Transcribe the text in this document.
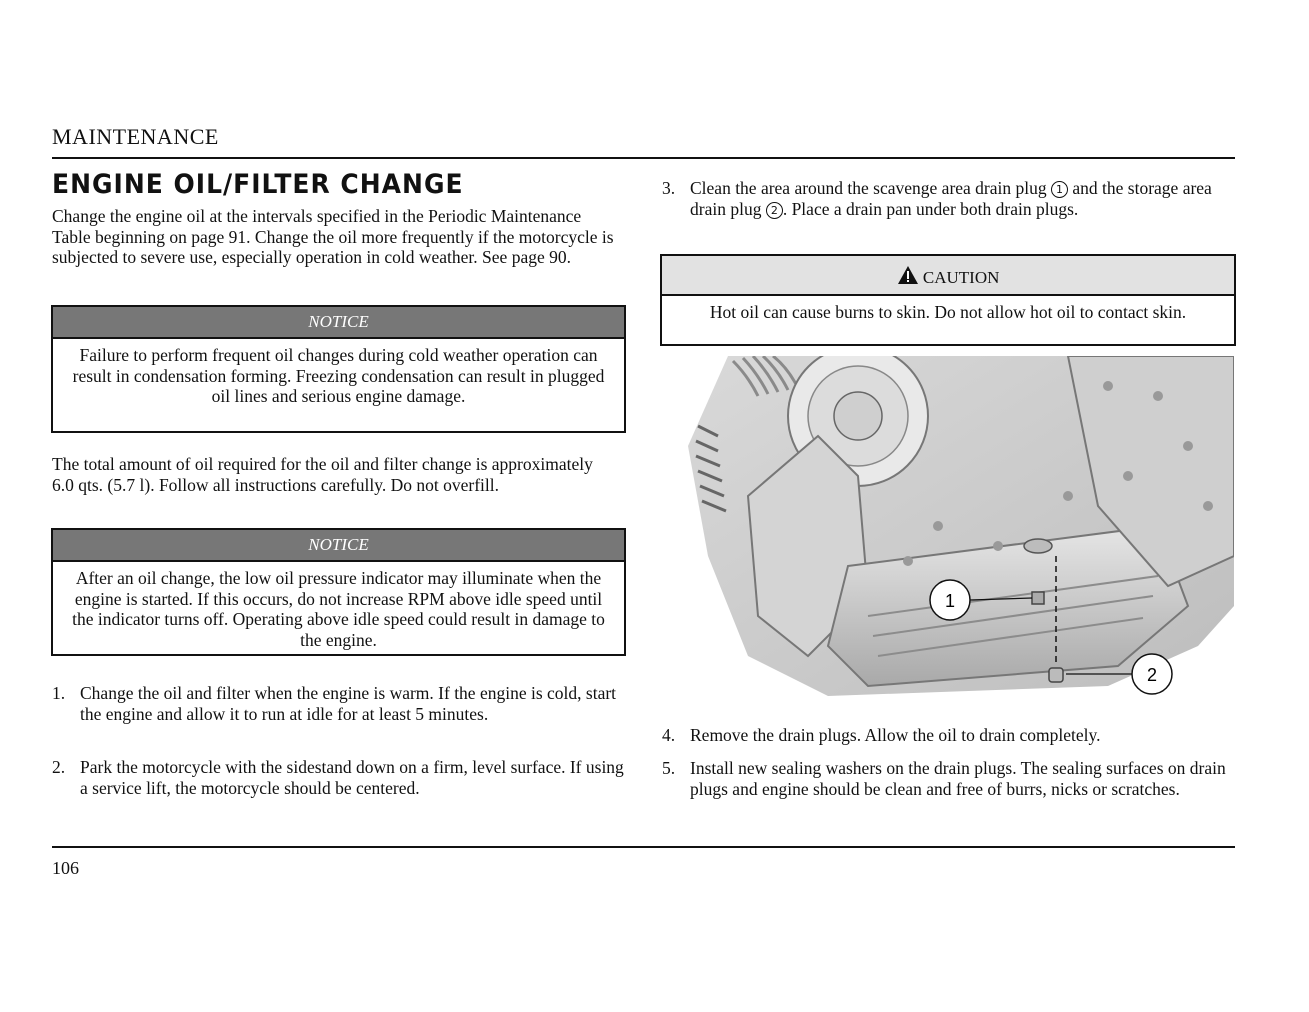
MAINTENANCE
ENGINE OIL/FILTER CHANGE
Change the engine oil at the intervals specified in the Periodic Maintenance Table beginning on page 91. Change the oil more frequently if the motorcycle is subjected to severe use, especially operation in cold weather. See page 90.
NOTICE
Failure to perform frequent oil changes during cold weather operation can result in condensation forming. Freezing condensation can result in plugged oil lines and serious engine damage.
The total amount of oil required for the oil and filter change is approximately 6.0 qts. (5.7 l). Follow all instructions carefully. Do not overfill.
NOTICE
After an oil change, the low oil pressure indicator may illuminate when the engine is started. If this occurs, do not increase RPM above idle speed until the indicator turns off. Operating above idle speed could result in damage to the engine.
1. Change the oil and filter when the engine is warm. If the engine is cold, start the engine and allow it to run at idle for at least 5 minutes.
2. Park the motorcycle with the sidestand down on a firm, level surface. If using a service lift, the motorcycle should be centered.
3. Clean the area around the scavenge area drain plug 1 and the storage area drain plug 2 . Place a drain pan under both drain plugs.
CAUTION
Hot oil can cause burns to skin. Do not allow hot oil to contact skin.
1
2
4. Remove the drain plugs. Allow the oil to drain completely.
5. Install new sealing washers on the drain plugs. The sealing surfaces on drain plugs and engine should be clean and free of burrs, nicks or scratches.
106
